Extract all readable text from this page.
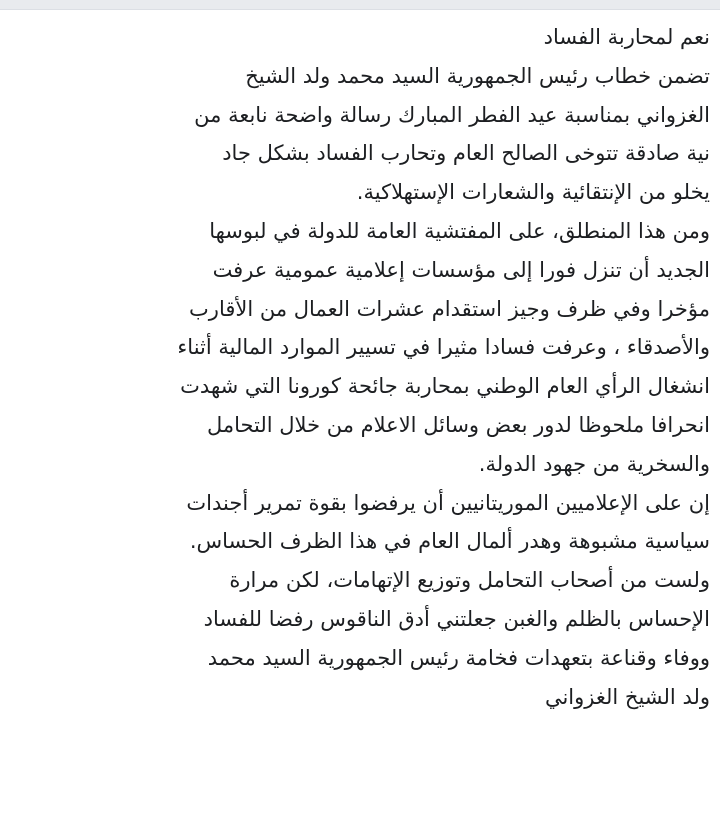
نعم لمحاربة الفساد
تضمن خطاب رئيس الجمهورية السيد محمد ولد الشيخ
الغزواني بمناسبة عيد الفطر المبارك رسالة واضحة نابعة من
نية صادقة تتوخى الصالح العام وتحارب الفساد بشكل جاد
يخلو من الإنتقائية والشعارات الإستهلاكية.
ومن هذا المنطلق، على المفتشية العامة للدولة في لبوسها
الجديد أن تنزل فورا إلى مؤسسات إعلامية عمومية عرفت
مؤخرا وفي ظرف وجيز استقدام عشرات العمال من الأقارب
والأصدقاء ، وعرفت فسادا مثيرا في تسيير الموارد المالية أثناء
انشغال الرأي العام الوطني بمحاربة جائحة كورونا التي شهدت
انحرافا ملحوظا لدور بعض وسائل الاعلام من خلال التحامل
والسخرية من جهود الدولة.
إن على الإعلاميين الموريتانيين أن يرفضوا بقوة تمرير أجندات
سياسية مشبوهة وهدر ألمال العام في هذا الظرف الحساس.
ولست من أصحاب التحامل وتوزيع الإتهامات، لكن مرارة
الإحساس بالظلم والغبن جعلتني أدق الناقوس رفضا للفساد
ووفاء وقناعة بتعهدات فخامة رئيس الجمهورية السيد محمد
ولد الشيخ الغزواني
